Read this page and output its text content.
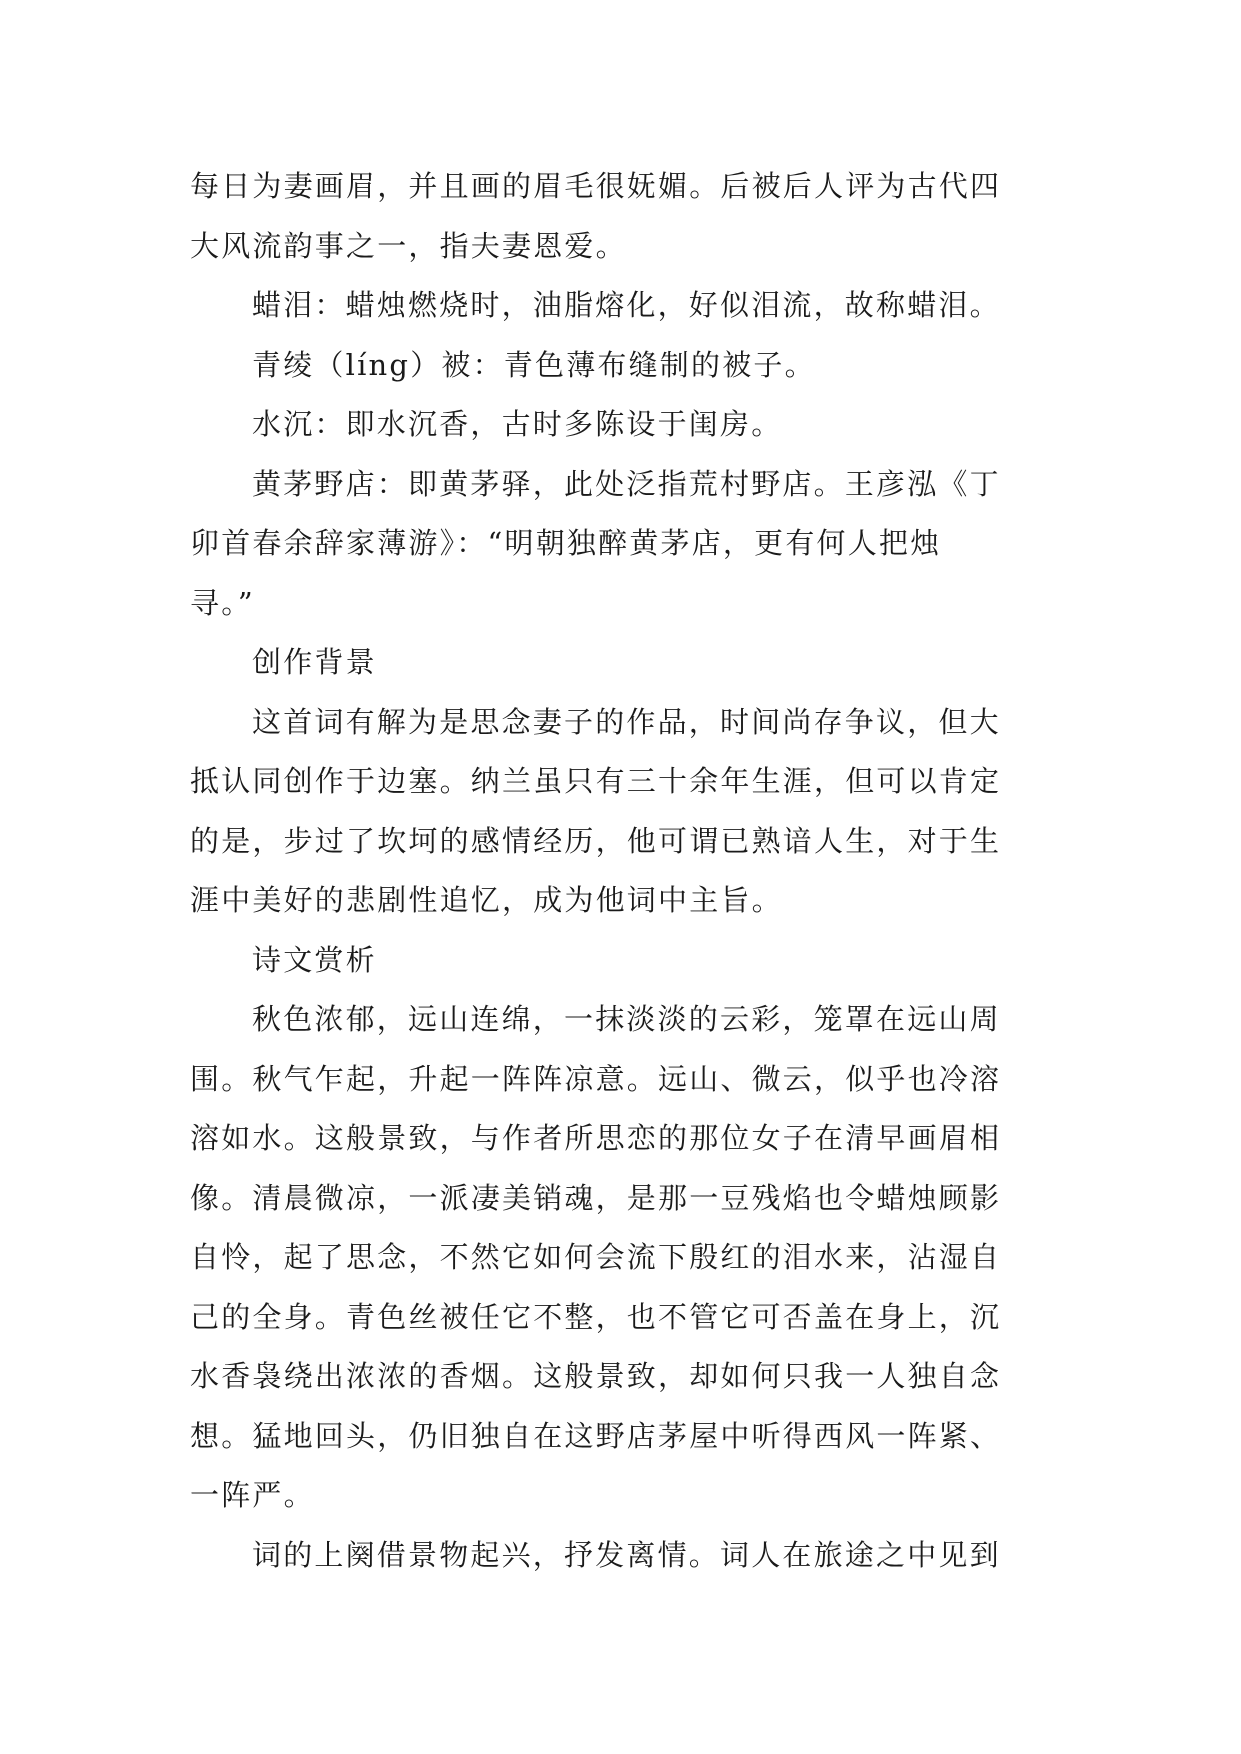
每日为妻画眉，并且画的眉毛很妩媚。后被后人评为古代四
大风流韵事之一，指夫妻恩爱。
蜡泪：蜡烛燃烧时，油脂熔化，好似泪流，故称蜡泪。
青绫（líng）被：青色薄布缝制的被子。
水沉：即水沉香，古时多陈设于闺房。
黄茅野店：即黄茅驿，此处泛指荒村野店。王彦泓《丁
卯首春余辞家薄游》：“明朝独醉黄茅店，更有何人把烛
寻。”
创作背景
这首词有解为是思念妻子的作品，时间尚存争议，但大
抵认同创作于边塞。纳兰虽只有三十余年生涯，但可以肯定
的是，步过了坎坷的感情经历，他可谓已熟谙人生，对于生
涯中美好的悲剧性追忆，成为他词中主旨。
诗文赏析
秋色浓郁，远山连绵，一抹淡淡的云彩，笼罩在远山周
围。秋气乍起，升起一阵阵凉意。远山、微云，似乎也冷溶
溶如水。这般景致，与作者所思恋的那位女子在清早画眉相
像。清晨微凉，一派凄美销魂，是那一豆残焰也令蜡烛顾影
自怜，起了思念，不然它如何会流下殷红的泪水来，沾湿自
己的全身。青色丝被任它不整，也不管它可否盖在身上，沉
水香袅绕出浓浓的香烟。这般景致，却如何只我一人独自念
想。猛地回头，仍旧独自在这野店茅屋中听得西风一阵紧、
一阵严。
词的上阕借景物起兴，抒发离情。词人在旅途之中见到
